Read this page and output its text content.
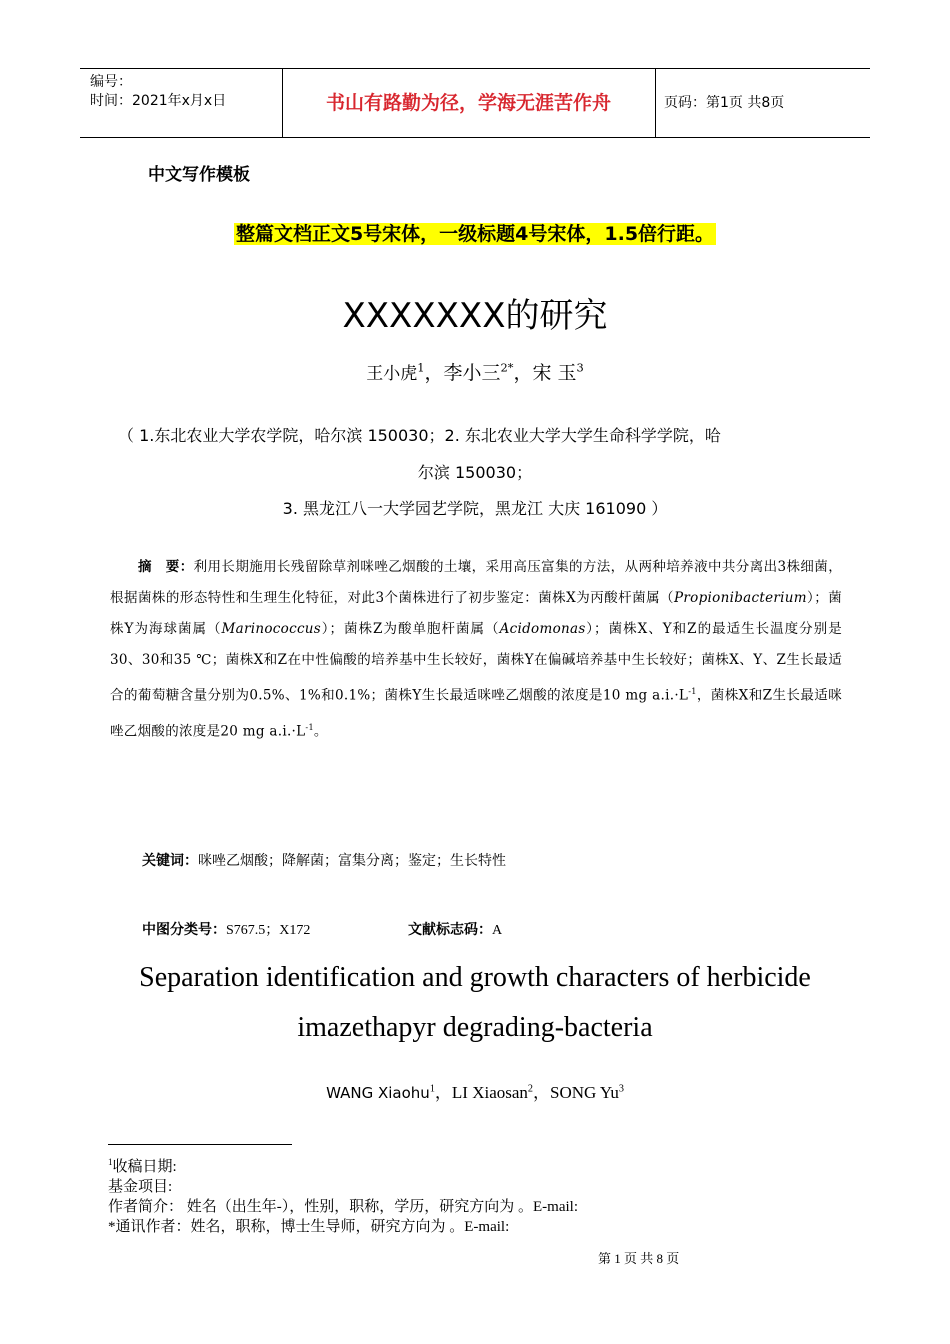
编号：
时间：2021年x月x日	书山有路勤为径，学海无涯苦作舟	页码：第1页 共8页
中文写作模板
整篇文档正文5号宋体，一级标题4号宋体，1.5倍行距。
XXXXXXX的研究
王小虎$^1$，李小三$^{2*}$，宋 玉$^3$
（ 1.东北农业大学农学院，哈尔滨 150030；2. 东北农业大学大学生命科学学院，哈
尔滨 150030；
3. 黑龙江八一大学园艺学院，黑龙江 大庆 161090 ）
摘　要：利用长期施用长残留除草剂咪唑乙烟酸的土壤，采用高压富集的方法，从两种培养液中共分离出3株细菌，根据菌株的形态特性和生理生化特征，对此3个菌株进行了初步鉴定：菌株X为丙酸杆菌属（Propionibacterium）；菌株Y为海球菌属（Marinococcus）；菌株Z为酸单胞杆菌属（Acidomonas）；菌株X、Y和Z的最适生长温度分别是30、30和35 ℃；菌株X和Z在中性偏酸的培养基中生长较好，菌株Y在偏碱培养基中生长较好；菌株X、Y、Z生长最适合的葡萄糖含量分别为0.5%、1%和0.1%；菌株Y生长最适咪唑乙烟酸的浓度是10 mg $a.i.\cdot L^{-1}$，菌株X和Z生长最适咪唑乙烟酸的浓度是20 mg $a.i.\cdot L^{-1}$。
关键词：咪唑乙烟酸；降解菌；富集分离；鉴定；生长特性
中图分类号：S767.5；X172	文献标志码：A
Separation identification and growth characters of herbicide
imazethapyr degrading-bacteria
WANG Xiaohu$^1$，LI Xiaosan$^2$，SONG Yu$^3$
$^1$收稿日期:
基金项目:
作者简介： 姓名（出生年-），性别，职称，学历，研究方向为 。E-mail:
*通讯作者：姓名，职称，博士生导师，研究方向为 。E-mail:
第 1 页 共 8 页
